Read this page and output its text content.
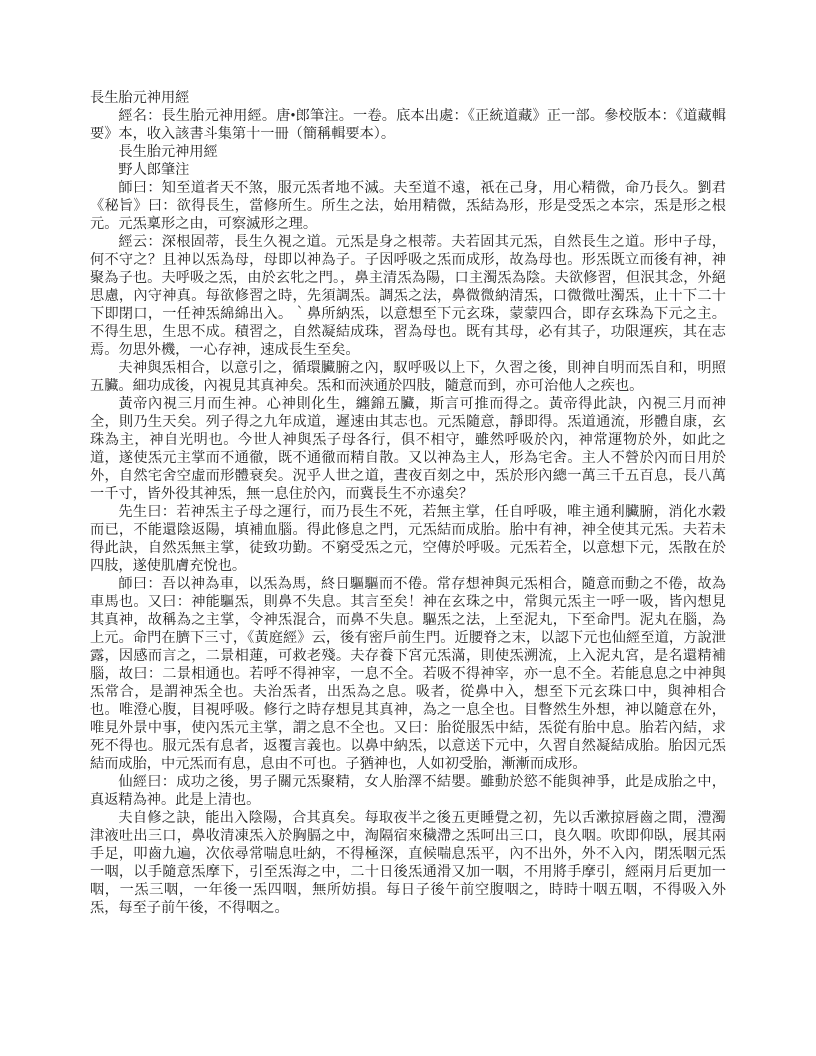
長生胎元神用經

經名：長生胎元神用經。唐•郎筆注。一卷。底本出處：《正統道藏》正一部。參校版本：《道藏輯要》本，收入該書斗集第十一冊（簡稱輯要本）。

長生胎元神用經

野人郎肇注

師曰：知至道者天不煞，服元炁者地不滅。夫至道不遠，祇在己身，用心精微，命乃長久。劉君《秘旨》曰：欲得長生，當修所生。所生之法，始用精微，炁結為形，形是受炁之本宗，炁是形之根元。元炁稟形之由，可察滅形之理。

經云：深根固蒂，長生久視之道。元炁是身之根蒂。夫若固其元炁，自然長生之道。形中子母，何不守之？且神以炁為母，母即以神為子。子因呼吸之炁而成形，故為母也。形炁既立而後有神，神聚為子也。夫呼吸之炁，由於玄牝之門。，鼻主清炁為陽，口主濁炁為陰。夫欲修習，但泯其念，外絕思慮，內守神真。每欲修習之時，先須調炁。調炁之法，鼻微微納清炁，口微微吐濁炁，止十下二十下即閉口，一任神炁綿綿出入。｀鼻所納炁，以意想至下元玄珠，蒙蒙四合，即存玄珠為下元之主。不得生思，生思不成。積習之，自然凝結成珠，習為母也。既有其母，必有其子，功限運疾，其在志焉。勿思外機，一心存神，速成長生至矣。

夫神與炁相合，以意引之，循環臟腑之內，馭呼吸以上下，久習之後，則神自明而炁自和，明照五臟。細功成後，內視見其真神矣。炁和而浹通於四肢，隨意而到，亦可治他人之疾也。

黃帝內視三月而生神。心神則化生，纏錦五臟，斯言可推而得之。黃帝得此訣，內視三月而神全，則乃生天矣。列子得之九年成道，遲速由其志也。元炁隨意，靜即得。炁道通流，形體自康，玄珠為主，神自光明也。今世人神與炁子母各行，俱不相守，雖然呼吸於內，神常運物於外，如此之道，遂使炁元主掌而不通徹，既不通徹而精自散。又以神為主人，形為宅舍。主人不營於內而日用於外，自然宅舍空虛而形體衰矣。況乎人世之道，晝夜百刻之中，炁於形內總一萬三千五百息，長八萬一千寸，皆外役其神炁，無一息住於內，而冀長生不亦遠矣？

先生曰：若神炁主子母之運行，而乃長生不死，若無主掌，任自呼吸，唯主通利臟腑，消化水穀而已，不能還陰返陽，填補血腦。得此修息之門，元炁結而成胎。胎中有神，神全使其元炁。夫若未得此訣，自然炁無主掌，徒致功勤。不窮受炁之元，空傳於呼吸。元炁若全，以意想下元，炁散在於四肢，遂使肌膚充悅也。

師曰：吾以神為車，以炁為馬，終日驅驅而不倦。常存想神與元炁相合，隨意而動之不倦，故為車馬也。又曰：神能驅炁，則鼻不失息。其言至矣！神在玄珠之中，常與元炁主一呼一吸，皆內想見其真神，故稱為之主掌，令神炁混合，而鼻不失息。驅炁之法，上至泥丸，下至命門。泥丸在腦，為上元。命門在臍下三寸，《黃庭經》云，後有密戶前生門。近腰脊之末，以認下元也仙經至道，方說泄露，因感而言之，二景相蓮，可救老殘。夫存養下宮元炁滿，則使炁溯流，上入泥丸宮，是名還精補腦，故曰：二景相通也。若呼不得神宰，一息不全。若吸不得神宰，亦一息不全。若能息息之中神與炁常合，是謂神炁全也。夫治炁者，出炁為之息。吸者，從鼻中入，想至下元玄珠口中，與神相合也。唯澄心腹，目視呼吸。修行之時存想見其真神，為之一息全也。目瞥然生外想，神以隨意在外，唯見外景中事，使內炁元主掌，謂之息不全也。又曰：胎從服炁中結，炁從有胎中息。胎若內結，求死不得也。服元炁有息者，返覆言義也。以鼻中納炁，以意送下元中，久習自然凝結成胎。胎因元炁結而成胎，中元炁而有息，息由不可也。子猶神也，人如初受胎，漸漸而成形。

仙經曰：成功之後，男子關元炁聚精，女人胎澤不結嬰。雖動於慾不能與神爭，此是成胎之中，真返精為神。此是上清也。

夫自修之訣，能出入陰陽，合其真矣。每取夜半之後五更睡覺之初，先以舌漱掠唇齒之間，澧濁津液吐出三口，鼻收清凍炁入於胸膈之中，淘隔宿來穢滯之炁呵出三口，良久咽。吹即仰臥，展其兩手足，叩齒九遍，次依尋常喘息吐納，不得極深，直候喘息炁平，內不出外，外不入內，閉炁咽元炁一咽，以手隨意炁摩下，引至炁海之中，二十日後炁通滑又加一咽，不用將手摩引，經兩月后更加一咽，一炁三咽，一年後一炁四咽，無所妨損。每日子後午前空腹咽之，時時十咽五咽，不得吸入外炁，每至子前午後，不得咽之。
